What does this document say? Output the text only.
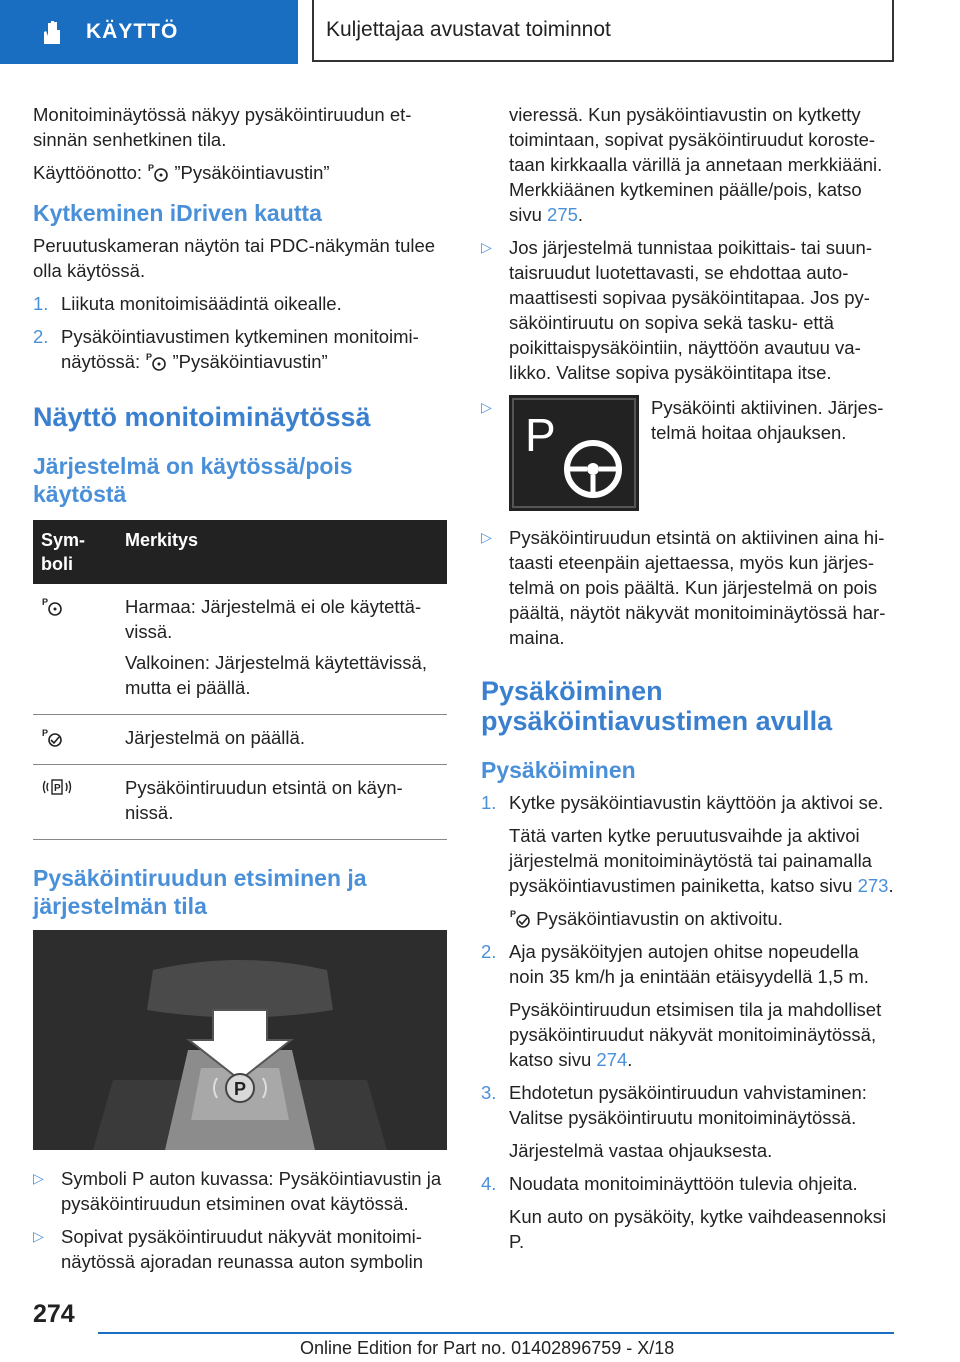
KÄYTTÖ	Kuljettajaa avustavat toiminnot

Monitoiminäytössä näkyy pysäköintiruudun etsinnän senhetkinen tila.

Käyttöönotto: P ”Pysäköintiavustin”

Kytkeminen iDriven kautta

Peruutuskameran näytön tai PDC-näkymän tulee olla käytössä.

1. Liikuta monitoimisäädintä oikealle.
2. Pysäköintiavustimen kytkeminen monitoiminäytössä: P ”Pysäköintiavustin”
Näyttö monitoiminäytössä
Järjestelmä on käytössä/pois käytöstä
Symboli	Merkitys

P	Harmaa: Järjestelmä ei ole käytettävissä.

Valkoinen: Järjestelmä käytettävissä, mutta ei päällä.

P	Järjestelmä on päällä.

P	Pysäköintiruudun etsintä on käynnissä.

Pysäköintiruudun etsiminen ja järjestelmän tila
P
▷ Symboli P auton kuvassa: Pysäköintiavustin ja pysäköintiruudun etsiminen ovat käytössä.
▷ Sopivat pysäköintiruudut näkyvät monitoiminäytössä ajoradan reunassa auton symbolin

vieressä. Kun pysäköintiavustin on kytketty toimintaan, sopivat pysäköintiruudut korostetaan kirkkaalla värillä ja annetaan merkkiääni. Merkkiäänen kytkeminen päälle/pois, katso sivu 275.

▷ Jos järjestelmä tunnistaa poikittais- tai suuntaisruudut luotettavasti, se ehdottaa automaattisesti sopivaa pysäköintitapaa. Jos pysäköintiruutu on sopiva sekä tasku- että poikittaispysäköintiin, näyttöön avautuu valikko. Valitse sopiva pysäköintitapa itse.
▷
P
Pysäköinti aktiivinen. Järjestelmä hoitaa ohjauksen.
▷ Pysäköintiruudun etsintä on aktiivinen aina hitaasti eteenpäin ajettaessa, myös kun järjestelmä on pois päältä. Kun järjestelmä on pois päältä, näytöt näkyvät monitoiminäytössä harmaina.
Pysäköiminen pysäköintiavustimen avulla
Pysäköiminen
1. Kytke pysäköintiavustin käyttöön ja aktivoi se.

Tätä varten kytke peruutusvaihde ja aktivoi järjestelmä monitoiminäytöstä tai painamalla pysäköintiavustimen painiketta, katso sivu 273.

P Pysäköintiavustin on aktivoitu.

2. Aja pysäköityjen autojen ohitse nopeudella noin 35 km/h ja enintään etäisyydellä 1,5 m.

Pysäköintiruudun etsimisen tila ja mahdolliset pysäköintiruudut näkyvät monitoiminäytössä, katso sivu 274.

3. Ehdotetun pysäköintiruudun vahvistaminen: Valitse pysäköintiruutu monitoiminäytössä.

Järjestelmä vastaa ohjauksesta.

4. Noudata monitoiminäyttöön tulevia ohjeita.

Kun auto on pysäköity, kytke vaihdeasennoksi P.

274
Online Edition for Part no. 01402896759 - X/18
